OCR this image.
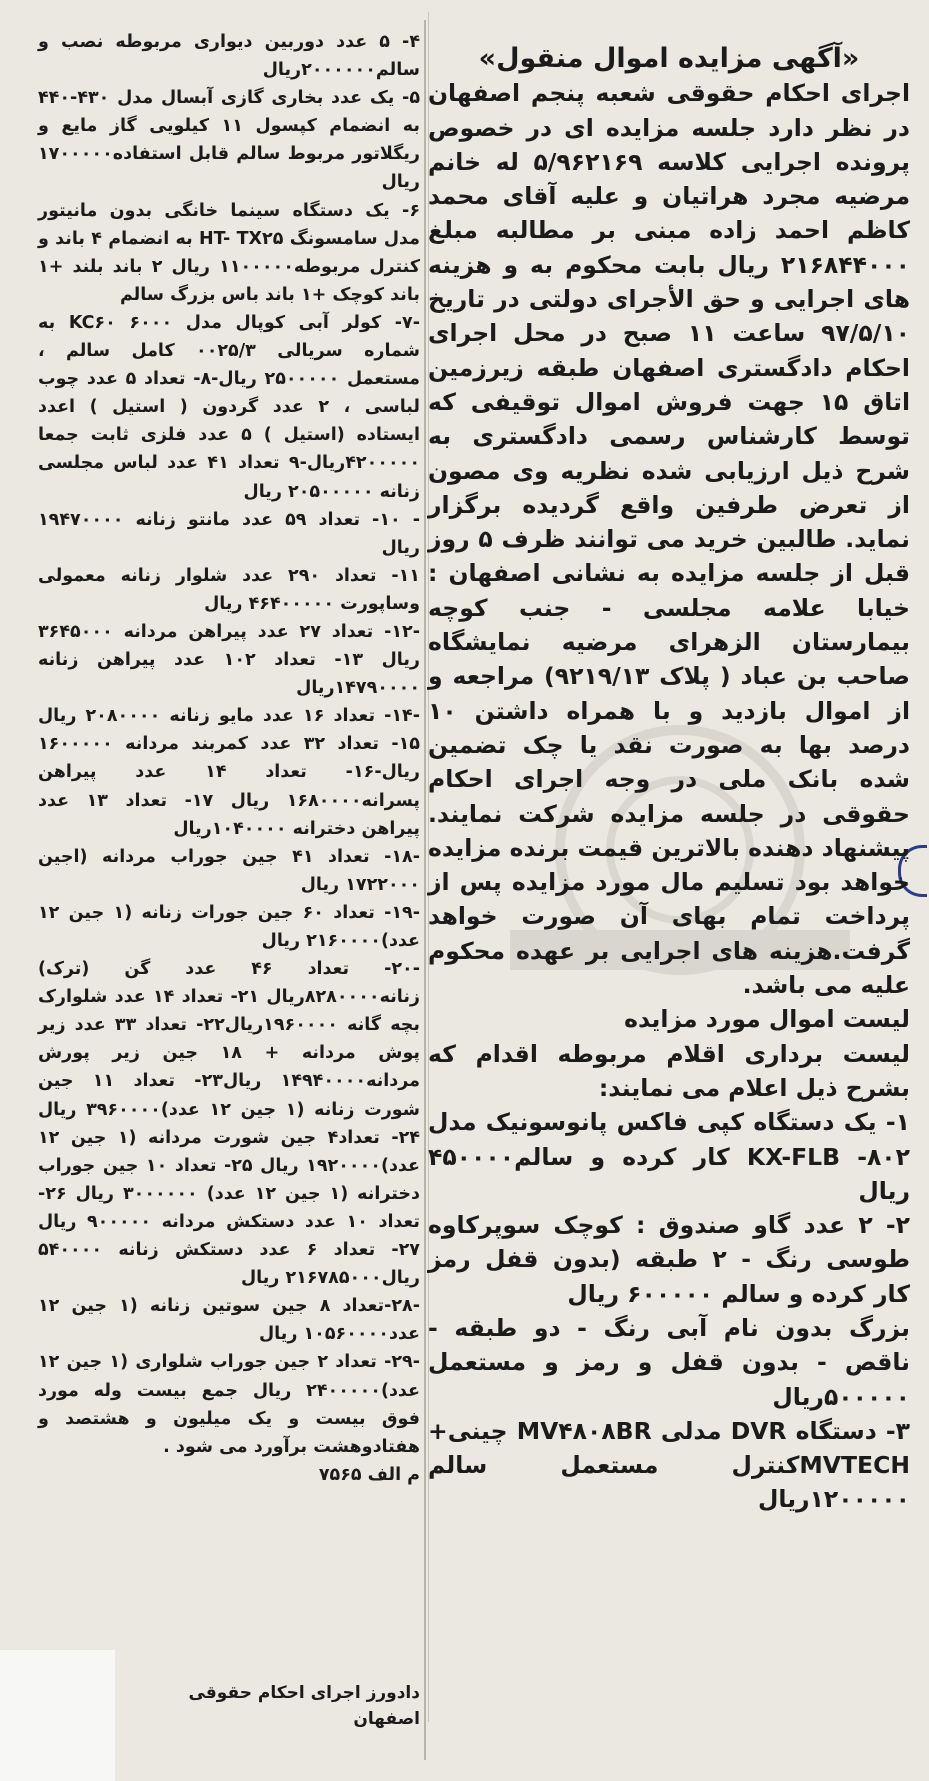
«آگهی مزایده اموال منقول»

اجرای احکام حقوقی شعبه پنجم اصفهان در نظر دارد جلسه مزایده ای در خصوص پرونده اجرایی کلاسه ۵/۹۶۲۱۶۹ له خانم مرضیه مجرد هراتیان و علیه آقای محمد کاظم احمد زاده مبنی بر مطالبه مبلغ ۲۱۶۸۴۴۰۰۰ ریال بابت محکوم به و هزینه های اجرایی و حق الأجرای دولتی در تاریخ ۹۷/۵/۱۰ ساعت ۱۱ صبح در محل اجرای احکام دادگستری اصفهان طبقه زیرزمین اتاق ۱۵ جهت فروش اموال توقیفی که توسط کارشناس رسمی دادگستری به شرح ذیل ارزیابی شده نظریه وی مصون از تعرض طرفین واقع گردیده برگزار نماید. طالبین خرید می توانند ظرف ۵ روز قبل از جلسه مزایده به نشانی اصفهان : خیابا علامه مجلسی - جنب کوچه بیمارستان الزهرای مرضیه نمایشگاه صاحب بن عباد ( پلاک ۹۲۱۹/۱۳) مراجعه و از اموال بازدید و با همراه داشتن ۱۰ درصد بها به صورت نقد یا چک تضمین شده بانک ملی در وجه اجرای احکام حقوقی در جلسه مزایده شرکت نمایند. پیشنهاد دهنده بالاترین قیمت برنده مزایده خواهد بود تسلیم مال مورد مزایده پس از پرداخت تمام بهای آن صورت خواهد گرفت.هزینه های اجرایی بر عهده محکوم علیه می باشد.

لیست اموال مورد مزایده

لیست برداری اقلام مربوطه اقدام که بشرح ذیل اعلام می نمایند:

۱- یک دستگاه کپی فاکس پانوسونیک مدل KX-FLB -۸۰۲ کار کرده و سالم۴۵۰۰۰۰ ریال

۲- ۲ عدد گاو صندوق : کوچک سوپرکاوه طوسی رنگ - ۲ طبقه (بدون قفل رمز کار کرده و سالم ۶۰۰۰۰۰ ریال

بزرگ بدون نام آبی رنگ - دو طبقه - ناقص - بدون قفل و رمز و مستعمل ۵۰۰۰۰۰ریال

۳- دستگاه DVR مدلی MV۴۸۰۸BR چینی+ MVTECHکنترل مستعمل سالم ۱۲۰۰۰۰۰ریال

۴- ۵ عدد دوربین دیواری مربوطه نصب و سالم۲۰۰۰۰۰۰ریال

۵- یک عدد بخاری گازی آبسال مدل ۴۳۰-۴۴۰ به انضمام کپسول ۱۱ کیلویی گاز مایع و ریگلاتور مربوط سالم قابل استفاده۱۷۰۰۰۰۰ ریال

۶- یک دستگاه سینما خانگی بدون مانیتور مدل سامسونگ HT- TX۲۵ به انضمام ۴ باند و کنترل مربوطه۱۱۰۰۰۰۰ ریال ۲ باند بلند +۱ باند کوچک +۱ باند باس بزرگ سالم

-۷- کولر آبی کوپال مدل KC۶۰ ۶۰۰۰ به شماره سریالی ۰۰۲۵/۳ کامل سالم ، مستعمل ۲۵۰۰۰۰۰ ریال-۸- تعداد ۵ عدد چوب لباسی ، ۲ عدد گردون ( استیل ) اعدد ایستاده (استیل ) ۵ عدد فلزی ثابت جمعا ۴۲۰۰۰۰۰ریال-۹ تعداد ۴۱ عدد لباس مجلسی زنانه ۲۰۵۰۰۰۰۰ ریال

- ۱۰- تعداد ۵۹ عدد مانتو زنانه ۱۹۴۷۰۰۰۰ ریال

۱۱- تعداد ۲۹۰ عدد شلوار زنانه معمولی وساپورت ۴۶۴۰۰۰۰۰ ریال

-۱۲- تعداد ۲۷ عدد پیراهن مردانه ۳۶۴۵۰۰۰ ریال ۱۳- تعداد ۱۰۲ عدد پیراهن زنانه ۱۴۷۹۰۰۰۰ریال

-۱۴- تعداد ۱۶ عدد مایو زنانه ۲۰۸۰۰۰۰ ریال ۱۵- تعداد ۳۲ عدد کمربند مردانه ۱۶۰۰۰۰۰ ریال-۱۶- تعداد ۱۴ عدد پیراهن پسرانه۱۶۸۰۰۰۰ ریال ۱۷- تعداد ۱۳ عدد پیراهن دخترانه ۱۰۴۰۰۰۰ریال

-۱۸- تعداد ۴۱ جین جوراب مردانه (اجین ۱۷۲۲۰۰۰ ریال

-۱۹- تعداد ۶۰ جین جورات زنانه (۱ جین ۱۲ عدد)۲۱۶۰۰۰۰ ریال

-۲۰- تعداد ۴۶ عدد گن (ترک) زنانه۸۲۸۰۰۰۰ریال ۲۱- تعداد ۱۴ عدد شلوارک بچه گانه ۱۹۶۰۰۰۰ریال۲۲- تعداد ۳۳ عدد زیر پوش مردانه + ۱۸ جین زیر پورش مردانه۱۴۹۴۰۰۰۰ ریال۲۳- تعداد ۱۱ جین شورت زنانه (۱ جین ۱۲ عدد)۳۹۶۰۰۰۰ ریال ۲۴- تعداد۴ جین شورت مردانه (۱ جین ۱۲ عدد)۱۹۲۰۰۰۰ ریال ۲۵- تعداد ۱۰ جین جوراب دخترانه (۱ جین ۱۲ عدد) ۳۰۰۰۰۰۰ ریال ۲۶- تعداد ۱۰ عدد دستکش مردانه ۹۰۰۰۰۰ ریال ۲۷- تعداد ۶ عدد دستکش زنانه ۵۴۰۰۰۰ ریال۲۱۶۷۸۵۰۰۰ ریال

-۲۸-تعداد ۸ جین سوتین زنانه (۱ جین ۱۲ عدد۱۰۵۶۰۰۰۰ ریال

-۲۹- تعداد ۲ جین جوراب شلواری (۱ جین ۱۲ عدد)۲۴۰۰۰۰۰ ریال جمع بیست وله مورد فوق بیست و یک میلیون و هشتصد و هفتادوهشت برآورد می شود .

م الف ۷۵۶۵

دادورز اجرای احکام حقوقی اصفهان
